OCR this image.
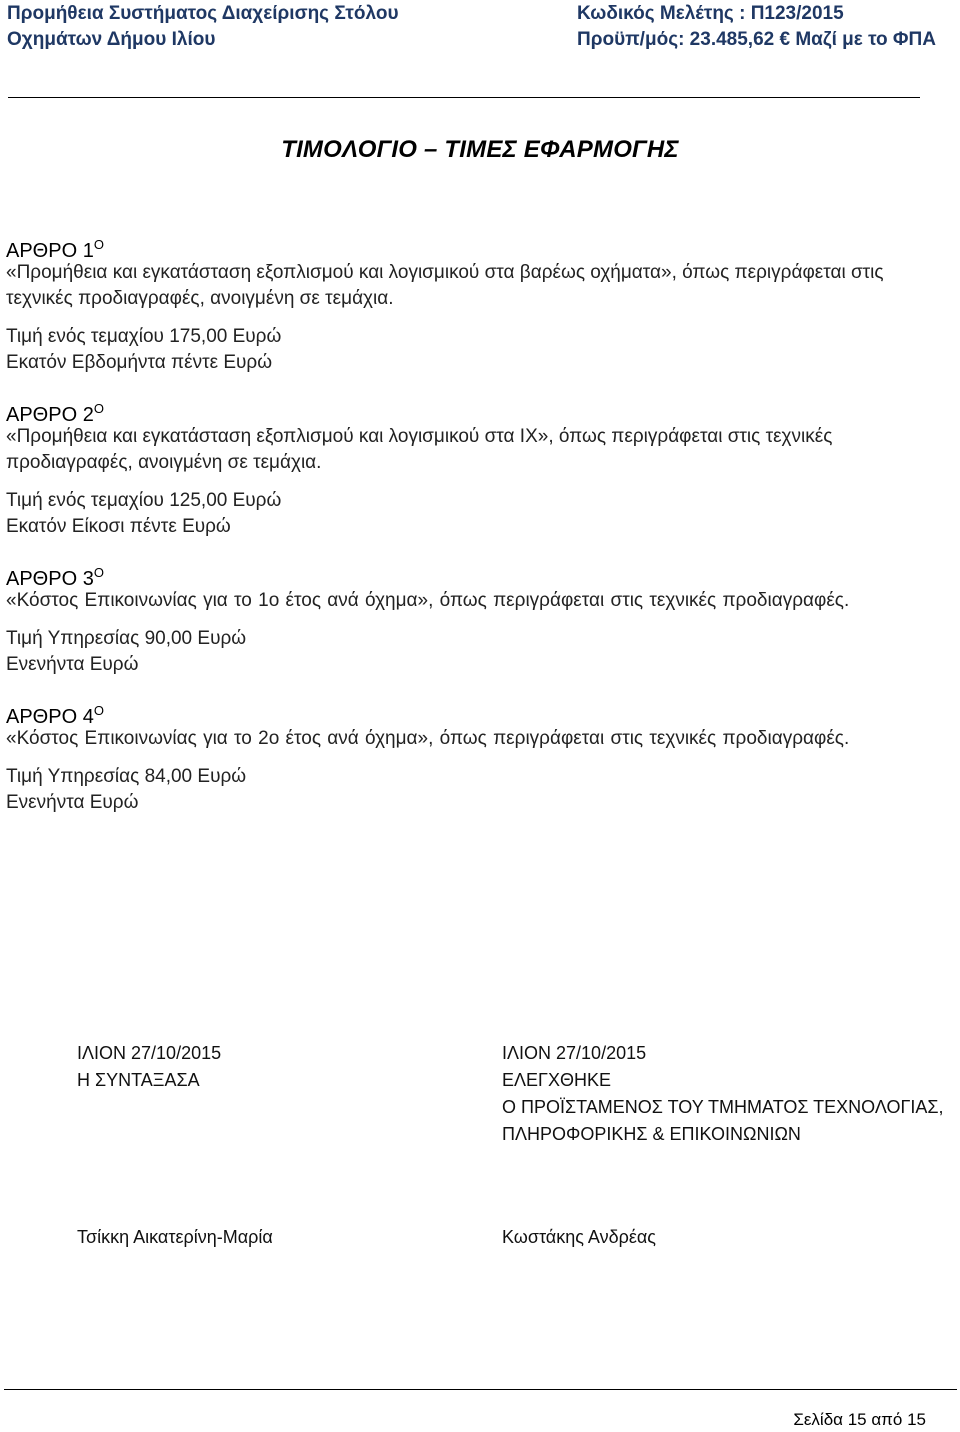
Προμήθεια Συστήματος Διαχείρισης Στόλου
Οχημάτων Δήμου Ιλίου
Κωδικός Μελέτης : Π123/2015
Προϋπ/μός: 23.485,62 € Μαζί με το ΦΠΑ
ΤΙΜΟΛΟΓΙΟ – ΤΙΜΕΣ ΕΦΑΡΜΟΓΗΣ
ΑΡΘΡΟ $1^O$

«Προμήθεια και εγκατάσταση εξοπλισμού και λογισμικού στα βαρέως οχήματα», όπως περιγράφεται στις τεχνικές προδιαγραφές, ανοιγμένη σε τεμάχια.

Τιμή ενός τεμαχίου 175,00 Ευρώ

Εκατόν Εβδομήντα πέντε Ευρώ

ΑΡΘΡΟ $2^O$

«Προμήθεια και εγκατάσταση εξοπλισμού και λογισμικού στα ΙΧ», όπως περιγράφεται στις τεχνικές προδιαγραφές, ανοιγμένη σε τεμάχια.

Τιμή ενός τεμαχίου 125,00 Ευρώ

Εκατόν Είκοσι πέντε Ευρώ

ΑΡΘΡΟ $3^O$

«Κόστος Επικοινωνίας για το 1ο έτος ανά όχημα», όπως περιγράφεται στις τεχνικές προδιαγραφές.

Τιμή Υπηρεσίας 90,00 Ευρώ

Ενενήντα Ευρώ

ΑΡΘΡΟ $4^O$

«Κόστος Επικοινωνίας για το 2ο έτος ανά όχημα», όπως περιγράφεται στις τεχνικές προδιαγραφές.

Τιμή Υπηρεσίας 84,00 Ευρώ

Ενενήντα Ευρώ

ΙΛΙΟΝ 27/10/2015
Η ΣΥΝΤΑΞΑΣΑ
ΙΛΙΟΝ 27/10/2015
ΕΛΕΓΧΘΗΚΕ
Ο ΠΡΟΪΣΤΑΜΕΝΟΣ ΤΟΥ ΤΜΗΜΑΤΟΣ ΤΕΧΝΟΛΟΓΙΑΣ,
ΠΛΗΡΟΦΟΡΙΚΗΣ & ΕΠΙΚΟΙΝΩΝΙΩΝ
Τσίκκη Αικατερίνη-Μαρία	Κωστάκης Ανδρέας
Σελίδα 15 από 15
